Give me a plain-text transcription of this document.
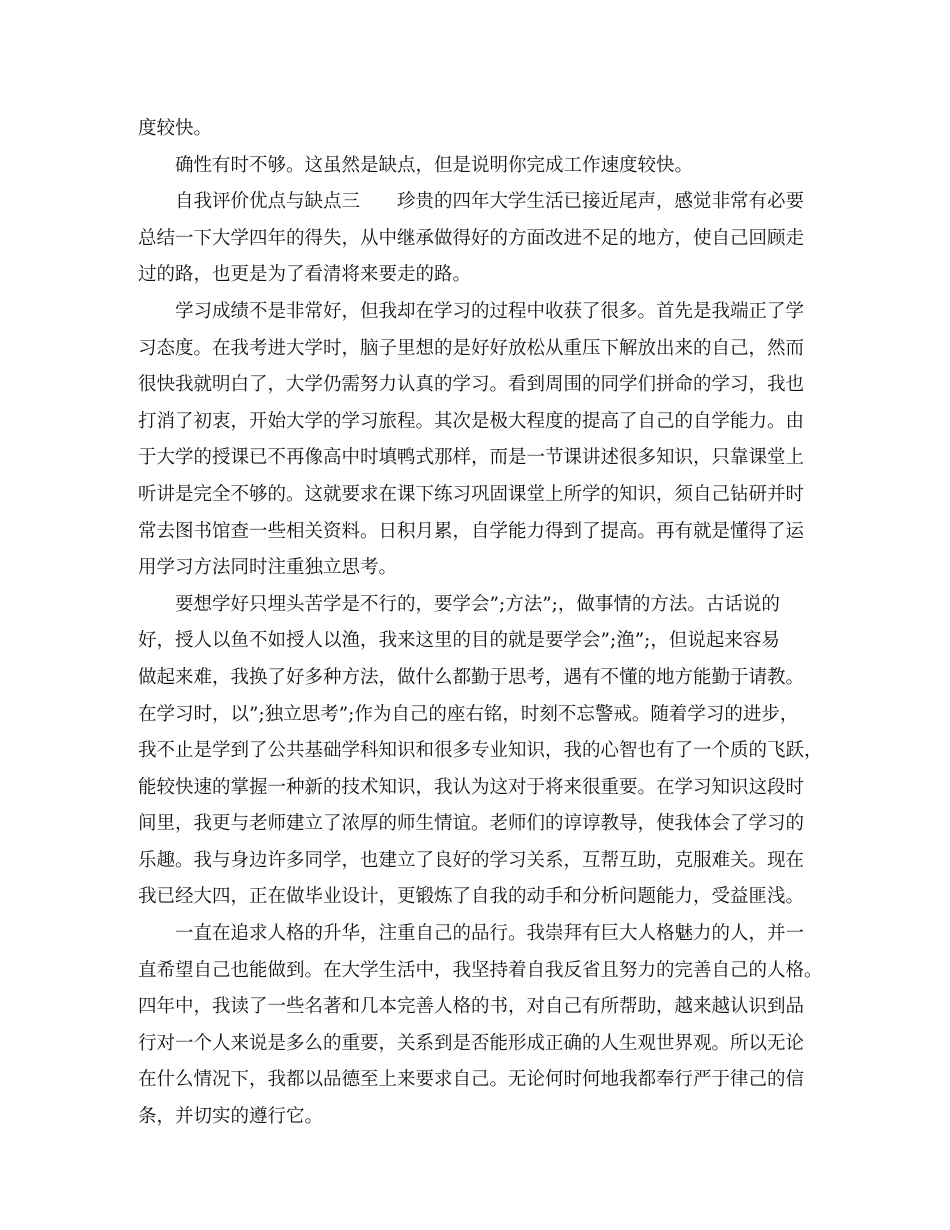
度较快。

确性有时不够。这虽然是缺点，但是说明你完成工作速度较快。

自我评价优点与缺点三　　珍贵的四年大学生活已接近尾声，感觉非常有必要
总结一下大学四年的得失，从中继承做得好的方面改进不足的地方，使自己回顾走
过的路，也更是为了看清将来要走的路。

学习成绩不是非常好，但我却在学习的过程中收获了很多。首先是我端正了学
习态度。在我考进大学时，脑子里想的是好好放松从重压下解放出来的自己，然而
很快我就明白了，大学仍需努力认真的学习。看到周围的同学们拼命的学习，我也
打消了初衷，开始大学的学习旅程。其次是极大程度的提高了自己的自学能力。由
于大学的授课已不再像高中时填鸭式那样，而是一节课讲述很多知识，只靠课堂上
听讲是完全不够的。这就要求在课下练习巩固课堂上所学的知识，须自己钻研并时
常去图书馆查一些相关资料。日积月累，自学能力得到了提高。再有就是懂得了运
用学习方法同时注重独立思考。

要想学好只埋头苦学是不行的，要学会”;方法”;，做事情的方法。古话说的
好，授人以鱼不如授人以渔，我来这里的目的就是要学会”;渔”;，但说起来容易
做起来难，我换了好多种方法，做什么都勤于思考，遇有不懂的地方能勤于请教。
在学习时，以”;独立思考”;作为自己的座右铭，时刻不忘警戒。随着学习的进步，
我不止是学到了公共基础学科知识和很多专业知识，我的心智也有了一个质的飞跃，
能较快速的掌握一种新的技术知识，我认为这对于将来很重要。在学习知识这段时
间里，我更与老师建立了浓厚的师生情谊。老师们的谆谆教导，使我体会了学习的
乐趣。我与身边许多同学，也建立了良好的学习关系，互帮互助，克服难关。现在
我已经大四，正在做毕业设计，更锻炼了自我的动手和分析问题能力，受益匪浅。

一直在追求人格的升华，注重自己的品行。我崇拜有巨大人格魅力的人，并一
直希望自己也能做到。在大学生活中，我坚持着自我反省且努力的完善自己的人格。
四年中，我读了一些名著和几本完善人格的书，对自己有所帮助，越来越认识到品
行对一个人来说是多么的重要，关系到是否能形成正确的人生观世界观。所以无论
在什么情况下，我都以品德至上来要求自己。无论何时何地我都奉行严于律己的信
条，并切实的遵行它。
